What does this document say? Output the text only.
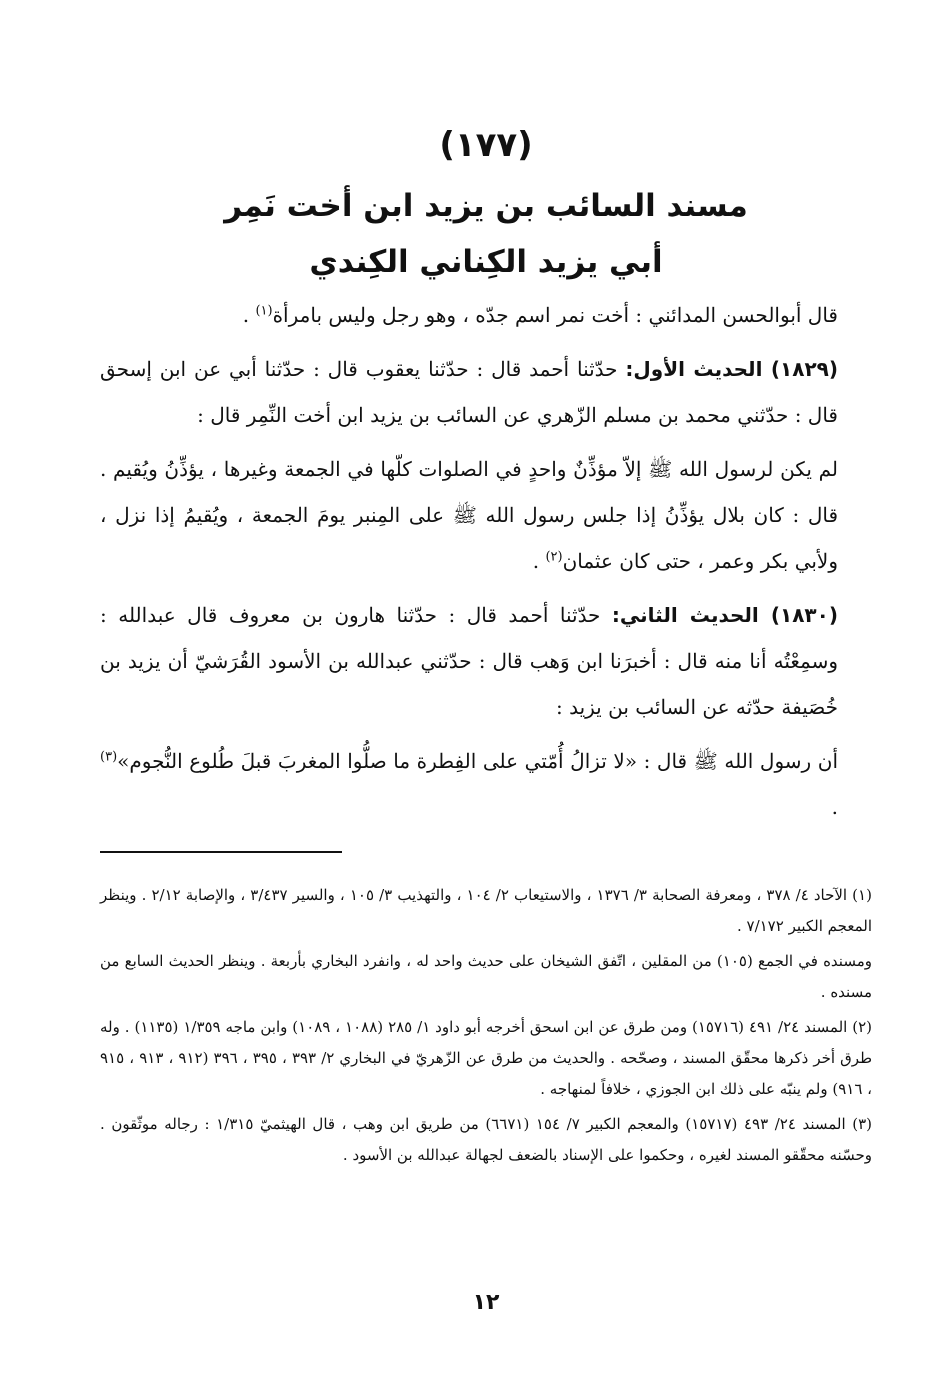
(١٧٧)
مسند السائب بن يزيد ابن أخت نَمِر
أبي يزيد الكِناني الكِندي

قال أبوالحسن المدائني : أخت نمر اسم جدّه ، وهو رجل وليس بامرأة$^{(١)}$ .

(١٨٢٩) الحديث الأول: حدّثنا أحمد قال : حدّثنا يعقوب قال : حدّثنا أبي عن ابن إسحق قال : حدّثني محمد بن مسلم الزّهري عن السائب بن يزيد ابن أخت النِّمِر قال :

لم يكن لرسول الله ﷺ إلاّ مؤذِّنٌ واحدٍ في الصلوات كلّها في الجمعة وغيرها ، يؤذِّنُ ويُقيم . قال : كان بلال يؤذِّنُ إذا جلس رسول الله ﷺ على المِنبر يومَ الجمعة ، ويُقيمُ إذا نزل ، ولأبي بكر وعمر ، حتى كان عثمان$^{(٢)}$ .

(١٨٣٠) الحديث الثاني: حدّثنا أحمد قال : حدّثنا هارون بن معروف قال عبدالله : وسمِعْتُه أنا منه قال : أخبرَنا ابن وَهب قال : حدّثني عبدالله بن الأسود القُرَشيّ أن يزيد بن خُصَيفة حدّثه عن السائب بن يزيد :

أن رسول الله ﷺ قال : «لا تزالُ أُمّتي على الفِطرة ما صلُّوا المغربَ قبلَ طُلوع النُّجوم»$^{(٣)}$ .

(١) الآحاد ٤/ ٣٧٨ ، ومعرفة الصحابة ٣/ ١٣٧٦ ، والاستيعاب ٢/ ١٠٤ ، والتهذيب ٣/ ١٠٥ ، والسير ٣/٤٣٧ ، والإصابة ٢/١٢ . وينظر المعجم الكبير ٧/١٧٢ .

ومسنده في الجمع (١٠٥) من المقلين ، اتّفق الشيخان على حديث واحد له ، وانفرد البخاري بأربعة . وينظر الحديث السابع من مسنده .

(٢) المسند ٢٤/ ٤٩١ (١٥٧١٦) ومن طرق عن ابن اسحق أخرجه أبو داود ١/ ٢٨٥ (١٠٨٨ ، ١٠٨٩) وابن ماجه ١/٣٥٩ (١١٣٥) . وله طرق أخر ذكرها محقّق المسند ، وصحّحه . والحديث من طرق عن الزّهريّ في البخاري ٢/ ٣٩٣ ، ٣٩٥ ، ٣٩٦ (٩١٢ ، ٩١٣ ، ٩١٥ ، ٩١٦) ولم ينبّه على ذلك ابن الجوزي ، خلافاً لمنهاجه .

(٣) المسند ٢٤/ ٤٩٣ (١٥٧١٧) والمعجم الكبير ٧/ ١٥٤ (٦٦٧١) من طريق ابن وهب ، قال الهيثميّ ١/٣١٥ : رجاله موثّقون . وحسّنه محقّقو المسند لغيره ، وحكموا على الإسناد بالضعف لجهالة عبدالله بن الأسود .

١٢
